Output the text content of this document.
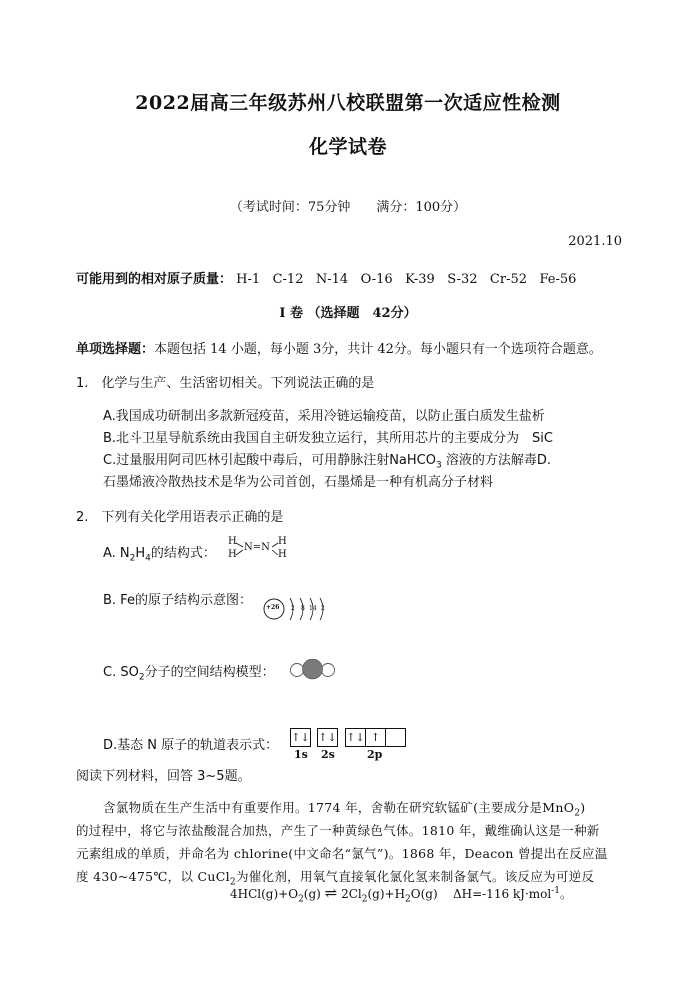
2022届高三年级苏州八校联盟第一次适应性检测
化学试卷
（考试时间：75分钟　　满分：100分）
2021.10
可能用到的相对原子质量： H-1 C-12 N-14 O-16 K-39 S-32 Cr-52 Fe-56
Ⅰ 卷 （选择题　42分）
单项选择题：本题包括 14 小题，每小题 3分，共计 42分。每小题只有一个选项符合题意。
1.　化学与生产、生活密切相关。下列说法正确的是
A.我国成功研制出多款新冠疫苗，采用冷链运输疫苗，以防止蛋白质发生盐析
B.北斗卫星导航系统由我国自主研发独立运行，其所用芯片的主要成分为　SiC
C.过量服用阿司匹林引起酸中毒后，可用静脉注射NaHCO$_3$ 溶液的方法解毒D.
石墨烯液冷散热技术是华为公司首创，石墨烯是一种有机高分子材料
2.　下列有关化学用语表示正确的是
A. $N_2H_4$的结构式：
H
H
N=N
H
H
B. Fe的原子结构示意图： +26 2 8 14 2
C. $SO_2$分子的空间结构模型：
D.基态 N 原子的轨道表示式：
↑↓ ↑↓ ↑↓ ↑
1s 2s	2p
阅读下列材料，回答 3~5题。
含氯物质在生产生活中有重要作用。1774 年，舍勒在研究软锰矿(主要成分是MnO$_2$)
的过程中，将它与浓盐酸混合加热，产生了一种黄绿色气体。1810 年，戴维确认这是一种新
元素组成的单质，并命名为 chlorine(中文命名“氯气”)。1868 年，Deacon 曾提出在反应温
度 430~475℃，以 CuCl$_2$为催化剂，用氧气直接氧化氯化氢来制备氯气。该反应为可逆反
$4HCl(g)+O_2(g)$ ⇌ $2Cl_2(g)+H_2O(g)$ ΔH=-116 kJ·mol$^{-1}$。
